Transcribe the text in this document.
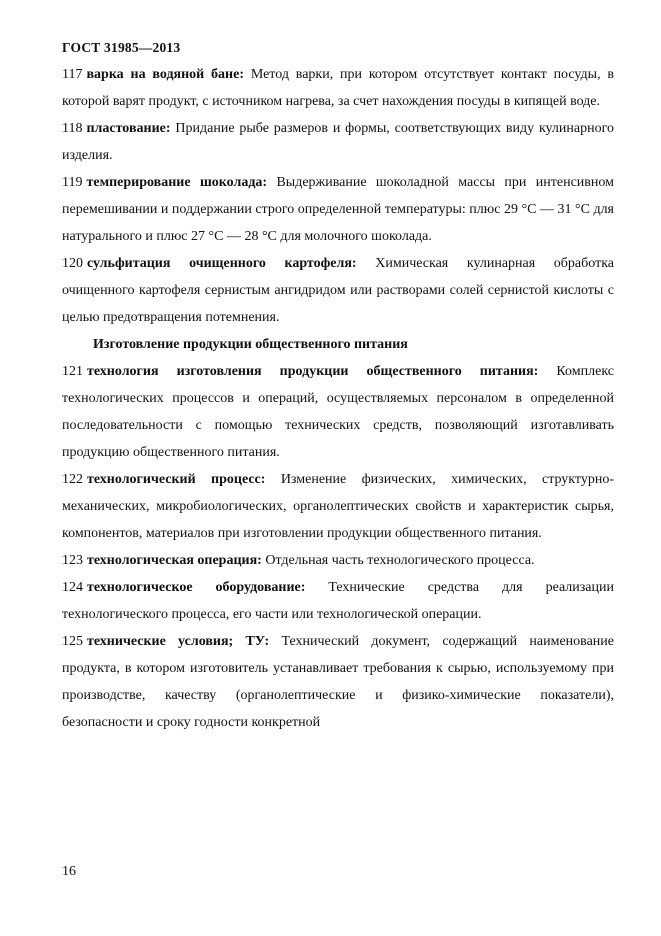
ГОСТ 31985—2013
117 варка на водяной бане: Метод варки, при котором отсутствует контакт посуды, в которой варят продукт, с источником нагрева, за счет нахождения посуды в кипящей воде.
118 пластование: Придание рыбе размеров и формы, соответствующих виду кулинарного изделия.
119 темперирование шоколада: Выдерживание шоколадной массы при интенсивном перемешивании и поддержании строго определенной температуры: плюс 29 °С — 31 °С для натурального и плюс 27 °С — 28 °С для молочного шоколада.
120 сульфитация очищенного картофеля: Химическая кулинарная обработка очищенного картофеля сернистым ангидридом или растворами солей сернистой кислоты с целью предотвращения потемнения.
Изготовление продукции общественного питания
121 технология изготовления продукции общественного питания: Комплекс технологических процессов и операций, осуществляемых персоналом в определенной последовательности с помощью технических средств, позволяющий изготавливать продукцию общественного питания.
122 технологический процесс: Изменение физических, химических, структурно-механических, микробиологических, органолептических свойств и характеристик сырья, компонентов, материалов при изготовлении продукции общественного питания.
123 технологическая операция: Отдельная часть технологического процесса.
124 технологическое оборудование: Технические средства для реализации технологического процесса, его части или технологической операции.
125 технические условия; ТУ: Технический документ, содержащий наименование продукта, в котором изготовитель устанавливает требования к сырью, используемому при производстве, качеству (органолептические и физико-химические показатели), безопасности и сроку годности конкретной
16
